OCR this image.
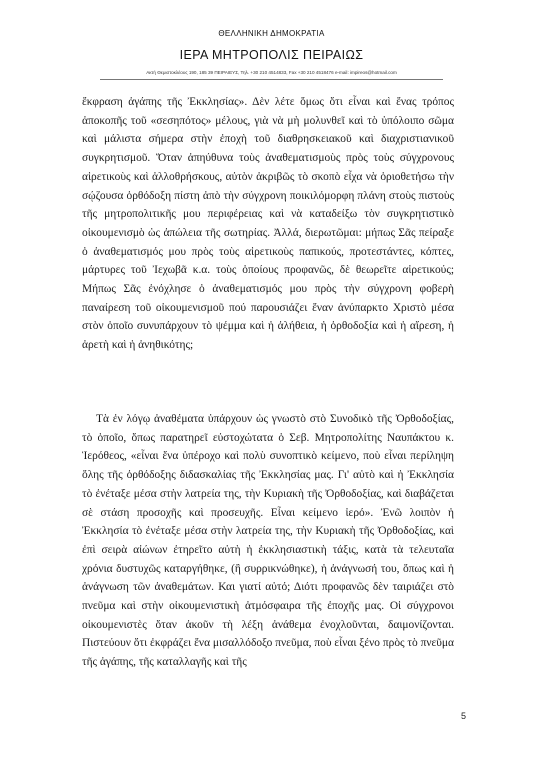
ΘΕΛΛΗΝΙΚΗ ΔΗΜΟΚΡΑΤΙΑ
ΙΕΡΑ ΜΗΤΡΟΠΟΛΙΣ ΠΕΙΡΑΙΩΣ
Ακτή Θεμιστοκλέους 190, 185 39 ΠΕΙΡΑΙΕΥΣ, Τηλ. +30 210 4514833, Fax +30 210 4518476 e-mail: impireos@hotmail.com

ἔκφραση ἀγάπης τῆς Ἐκκλησίας». Δὲν λέτε ὅμως ὅτι εἶναι καὶ ἕνας τρόπος ἀποκοπῆς τοῦ «σεσηπότος» μέλους, γιὰ νὰ μὴ μολυνθεῖ καὶ τὸ ὑπόλοιπο σῶμα καὶ μάλιστα σήμερα στὴν ἐποχὴ τοῦ διαθρησκειακοῦ καὶ διαχριστιανικοῦ συγκρητισμοῦ. Ὅταν ἀπηύθυνα τοὺς ἀναθεματισμοὺς πρὸς τοὺς σύγχρονους αἱρετικοὺς καὶ ἀλλοθρήσκους, αὐτὸν ἀκριβῶς τὸ σκοπὸ εἶχα νὰ ὁριοθετήσω τὴν σῴζουσα ὀρθόδοξη πίστη ἀπὸ τὴν σύγχρονη ποικιλόμορφη πλάνη στοὺς πιστοὺς τῆς μητροπολιτικῆς μου περιφέρειας καὶ νὰ καταδείξω τὸν συγκρητιστικὸ οἰκουμενισμὸ ὡς ἀπώλεια τῆς σωτηρίας. Ἀλλά, διερωτῶμαι: μήπως Σᾶς πείραξε ὁ ἀναθεματισμός μου πρὸς τοὺς αἱρετικοὺς παπικούς, προτεστάντες, κόπτες, μάρτυρες τοῦ Ἰεχωβᾶ κ.α. τοὺς ὁποίους προφανῶς, δὲ θεωρεῖτε αἱρετικούς; Μήπως Σᾶς ἐνόχλησε ὁ ἀναθεματισμός μου πρὸς τὴν σύγχρονη φοβερὴ παναίρεση τοῦ οἰκουμενισμοῦ πού παρουσιάζει ἕναν ἀνύπαρκτο Χριστὸ μέσα στὸν ὁποῖο συνυπάρχουν τὸ ψέμμα καὶ ἡ ἀλήθεια, ἡ ὀρθοδοξία καὶ ἡ αἵρεση, ἡ ἀρετὴ καὶ ἡ ἀνηθικότης;

Τὰ ἐν λόγῳ ἀναθέματα ὑπάρχουν ὡς γνωστὸ στὸ Συνοδικὸ τῆς Ὀρθοδοξίας, τὸ ὁποῖο, ὅπως παρατηρεῖ εὐστοχώτατα ὁ Σεβ. Μητροπολίτης Ναυπάκτου κ. Ἱερόθεος, «εἶναι ἕνα ὑπέροχο καὶ πολὺ συνοπτικὸ κείμενο, ποὺ εἶναι περίληψη ὅλης τῆς ὀρθόδοξης διδασκαλίας τῆς Ἐκκλησίας μας. Γι' αὐτὸ καὶ ἡ Ἐκκλησία τὸ ἐνέταξε μέσα στὴν λατρεία της, τὴν Κυριακὴ τῆς Ὀρθοδοξίας, καὶ διαβάζεται σὲ στάση προσοχῆς καὶ προσευχῆς. Εἶναι κείμενο ἱερό». Ἐνῶ λοιπὸν ἡ Ἐκκλησία τὸ ἐνέταξε μέσα στὴν λατρεία της, τὴν Κυριακὴ τῆς Ὀρθοδοξίας, καὶ ἐπὶ σειρὰ αἰώνων ἐτηρεῖτο αὐτὴ ἡ ἐκκλησιαστικὴ τάξις, κατὰ τὰ τελευταῖα χρόνια δυστυχῶς καταργήθηκε, (ἢ συρρικνώθηκε), ἡ ἀνάγνωσή του, ὅπως καὶ ἡ ἀνάγνωση τῶν ἀναθεμάτων. Και γιατί αὐτό; Διότι προφανῶς δὲν ταιριάζει στὸ πνεῦμα καὶ στὴν οἰκουμενιστικὴ ἀτμόσφαιρα τῆς ἐποχῆς μας. Οἱ σύγχρονοι οἰκουμενιστὲς ὅταν ἀκοῦν τὴ λέξη ἀνάθεμα ἐνοχλοῦνται, δαιμονίζονται. Πιστεύουν ὅτι ἐκφράζει ἕνα μισαλλόδοξο πνεῦμα, ποὺ εἶναι ξένο πρὸς τὸ πνεῦμα τῆς ἀγάπης, τῆς καταλλαγῆς καὶ τῆς

5
